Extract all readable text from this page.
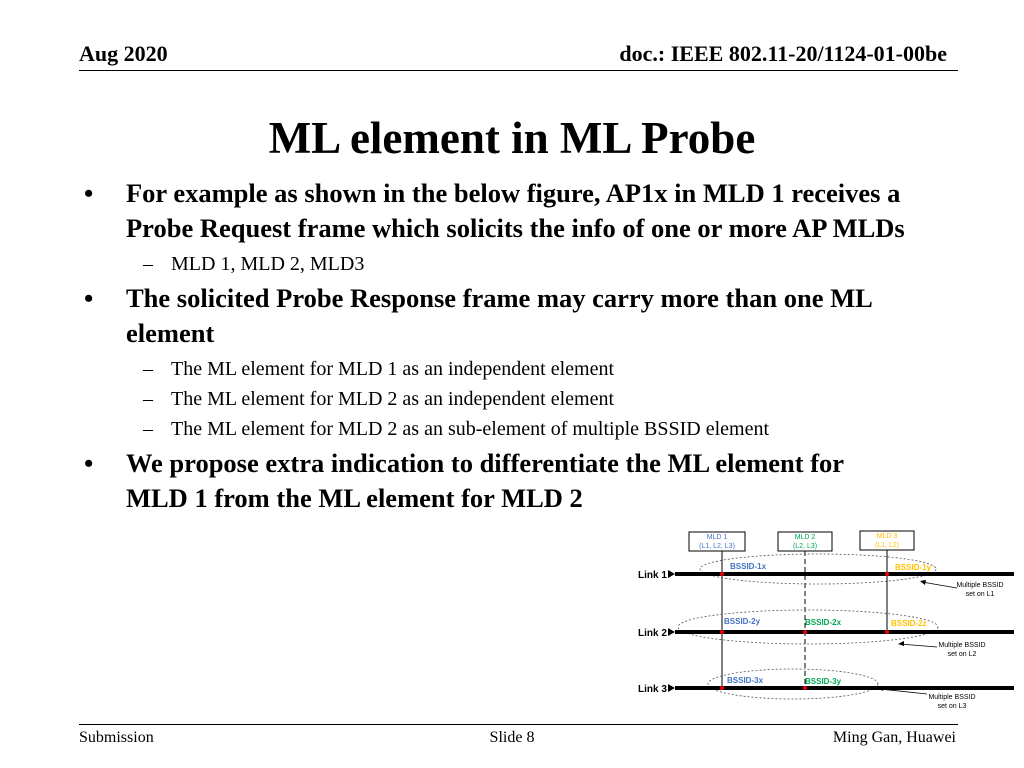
Aug 2020	doc.: IEEE 802.11-20/1124-01-00be
ML element in ML Probe
•	For example as shown in the below figure, AP1x in MLD 1 receives a Probe Request frame which solicits the info of one or more AP MLDs
– MLD 1, MLD 2, MLD3
•	The solicited Probe Response frame may carry more than one ML element
– The ML element for MLD 1 as an independent element
– The ML element for MLD 2 as an independent element
– The ML element for MLD 2 as an sub-element of multiple BSSID element
•	We propose extra indication to differentiate the ML element for MLD 1 from the ML element for MLD 2
MLD 1
(L1, L2, L3)
MLD 2
(L2, L3)
MLD 3
(L1, L2)
Link 1
Link 2
Link 3
BSSID-1x	BSSID-1y
BSSID-2y	BSSID-2x	BSSID-2z
BSSID-3x	BSSID-3y
Multiple BSSID
set on L1
Multiple BSSID
set on L2
Multiple BSSID
set on L3
Submission	Slide 8	Ming Gan, Huawei
